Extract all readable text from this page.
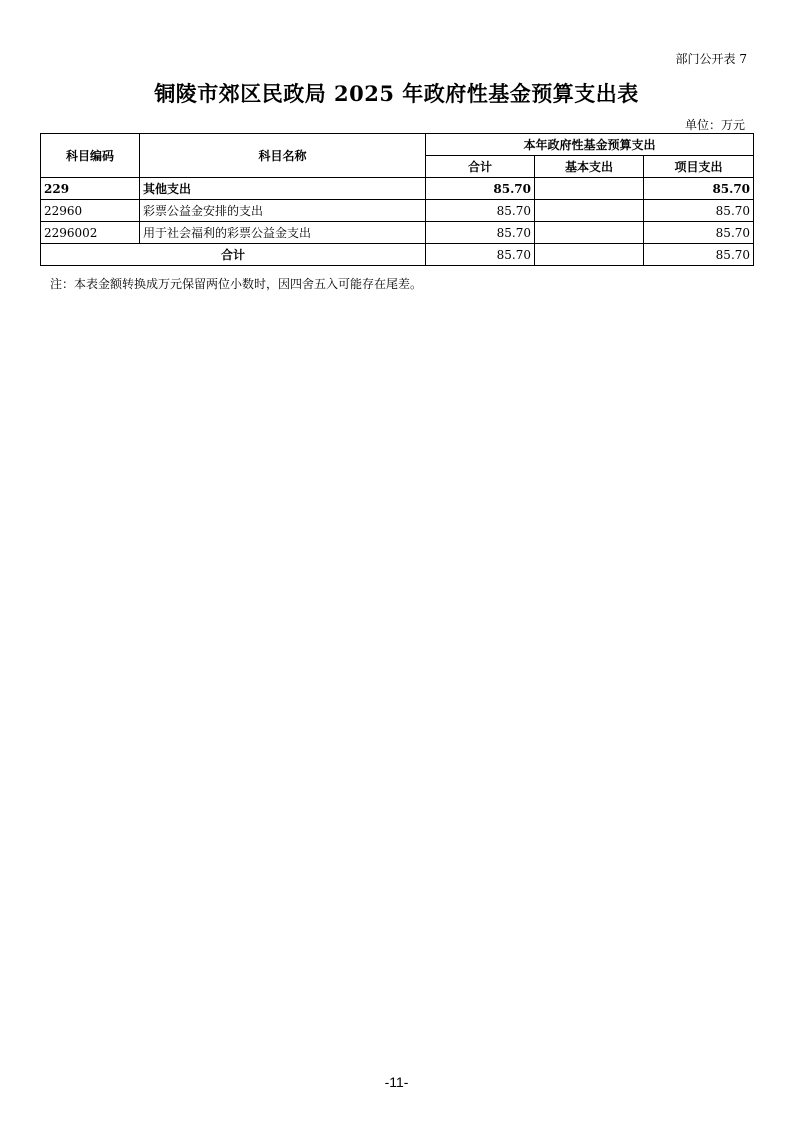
部门公开表 7
铜陵市郊区民政局 2025 年政府性基金预算支出表
单位：万元
科目编码	科目名称	本年政府性基金预算支出		
		合计	基本支出	项目支出
229	其他支出	85.70		85.70
22960	彩票公益金安排的支出	85.70		85.70
2296002	用于社会福利的彩票公益金支出	85.70		85.70
合计		85.70		85.70
注：本表金额转换成万元保留两位小数时，因四舍五入可能存在尾差。
-11-
